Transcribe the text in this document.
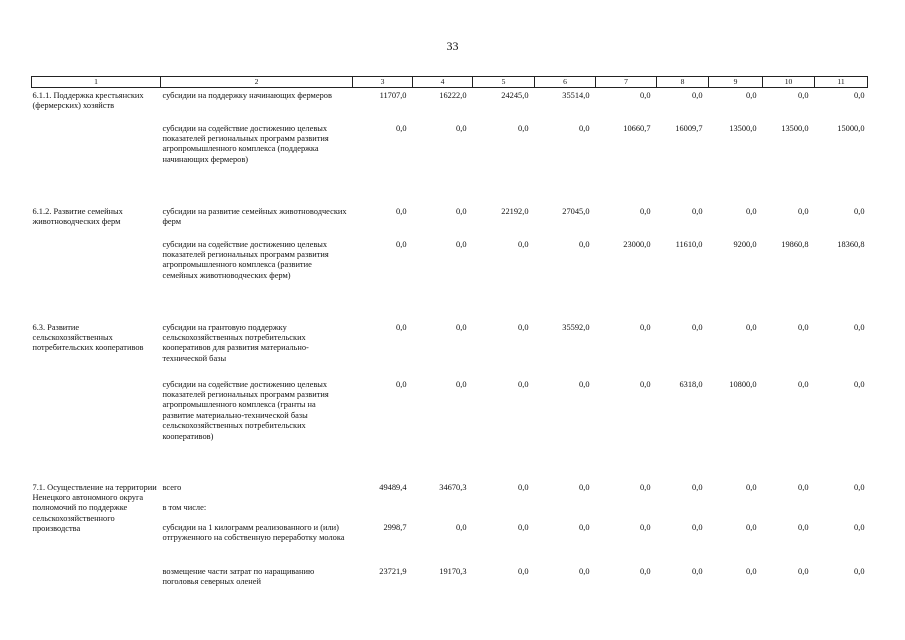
33
1	2	3	4	5	6	7	8	9	10	11
6.1.1. Поддержка крестьянских (фермерских) хозяйств	субсидии на поддержку начинающих фермеров	11707,0	16222,0	24245,0	35514,0	0,0	0,0	0,0	0,0	0,0
	субсидии на содействие достижению целевых показателей региональных программ развития агропромышленного комплекса (поддержка начинающих фермеров)	0,0	0,0	0,0	0,0	10660,7	16009,7	13500,0	13500,0	15000,0
6.1.2. Развитие семейных животноводческих ферм	субсидии на развитие семейных животноводческих ферм	0,0	0,0	22192,0	27045,0	0,0	0,0	0,0	0,0	0,0
	субсидии на содействие достижению целевых показателей региональных программ развития агропромышленного комплекса (развитие семейных животноводческих ферм)	0,0	0,0	0,0	0,0	23000,0	11610,0	9200,0	19860,8	18360,8
6.3. Развитие сельскохозяйственных потребительских кооперативов	субсидии на грантовую поддержку сельскохозяйственных потребительских кооперативов для развития материально-технической базы	0,0	0,0	0,0	35592,0	0,0	0,0	0,0	0,0	0,0
	субсидии на содействие достижению целевых показателей региональных программ развития агропромышленного комплекса (гранты на развитие материально-технической базы сельскохозяйственных потребительских кооперативов)	0,0	0,0	0,0	0,0	0,0	6318,0	10800,0	0,0	0,0
7.1. Осуществление на территории Ненецкого автономного округа полномочий по поддержке сельскохозяйственного производства	всего	49489,4	34670,3	0,0	0,0	0,0	0,0	0,0	0,0	0,0
	в том числе:									
	субсидии на 1 килограмм реализованного и (или) отгруженного на собственную переработку молока	2998,7	0,0	0,0	0,0	0,0	0,0	0,0	0,0	0,0
	возмещение части затрат по наращиванию поголовья северных оленей	23721,9	19170,3	0,0	0,0	0,0	0,0	0,0	0,0	0,0
